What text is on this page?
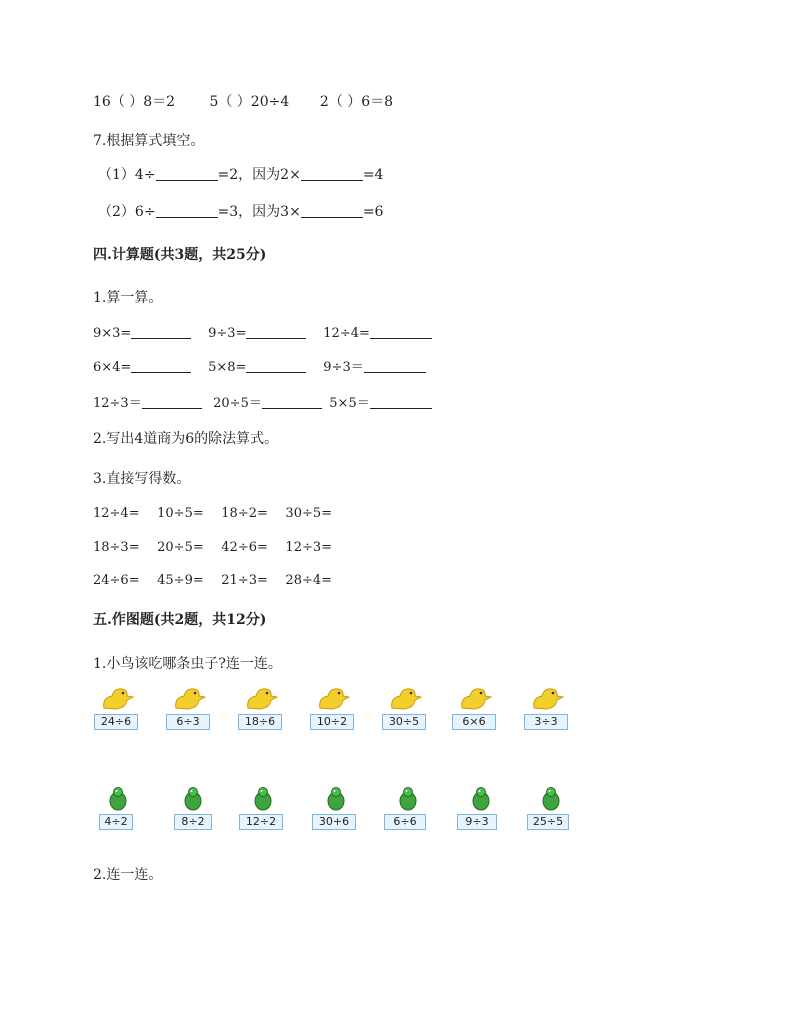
16（ ）8＝2 5（ ）20÷4 2（ ）6＝8
7.根据算式填空。
（1）4÷	=2，因为2×	=4
（2）6÷	=3，因为3×	=6
四.计算题(共3题，共25分)
1.算一算。
9×3=	9÷3=	12÷4=
6×4=	5×8=	9÷3＝
12÷3＝	20÷5＝	5×5＝
2.写出4道商为6的除法算式。
3.直接写得数。
12÷4= 10÷5= 18÷2= 30÷5=
18÷3= 20÷5= 42÷6= 12÷3=
24÷6= 45÷9= 21÷3= 28÷4=
五.作图题(共2题，共12分)
1.小鸟该吃哪条虫子?连一连。
24÷6	6÷3	18÷6	10÷2	30÷5	6×6	3÷3
4÷2	8÷2	12÷2	30+6	6÷6	9÷3	25÷5
2.连一连。
